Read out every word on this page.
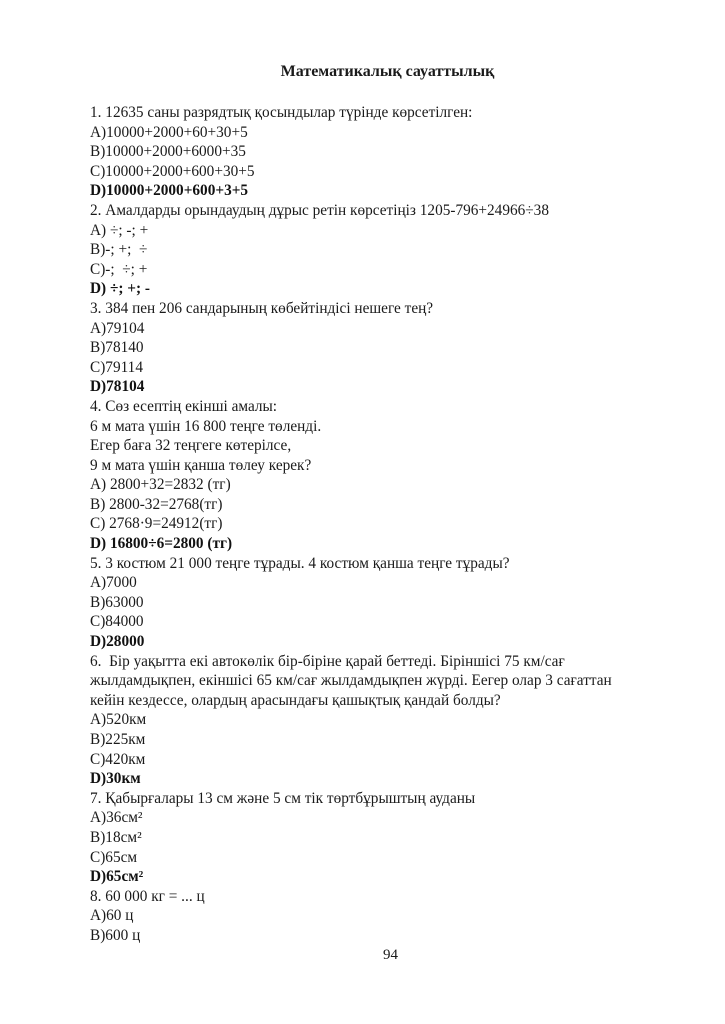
Математикалық сауаттылық
1. 12635 саны разрядтық қосындылар түрінде көрсетілген:
A)10000+2000+60+30+5
B)10000+2000+6000+35
C)10000+2000+600+30+5
D)10000+2000+600+3+5
2. Амалдарды орындаудың дұрыс ретін көрсетіңіз 1205-796+24966÷38
A) ÷; -; +
B)-; +;  ÷
C)-;  ÷; +
D) ÷; +; -
3. 384 пен 206 сандарының көбейтіндісі нешеге тең?
A)79104
B)78140
C)79114
D)78104
4. Сөз есептің екінші амалы:
6 м мата үшін 16 800 теңге төленді.
Егер баға 32 теңгеге көтерілсе,
9 м мата үшін қанша төлеу керек?
A) 2800+32=2832 (тг)
B) 2800-32=2768(тг)
C) 2768·9=24912(тг)
D) 16800÷6=2800 (тг)
5. 3 костюм 21 000 теңге тұрады. 4 костюм қанша теңге тұрады?
A)7000
B)63000
C)84000
D)28000
6.  Бір уақытта екі автокөлік бір-біріне қарай беттеді. Біріншісі 75 км/сағ
жылдамдықпен, екіншісі 65 км/сағ жылдамдықпен жүрді. Еегер олар 3 сағаттан
кейін кездессе, олардың арасындағы қашықтық қандай болды?
A)520км
B)225км
C)420км
D)30км
7. Қабырғалары 13 см және 5 см тік төртбұрыштың ауданы
A)36см²
B)18см²
C)65см
D)65см²
8. 60 000 кг = ... ц
A)60 ц
B)600 ц
94
